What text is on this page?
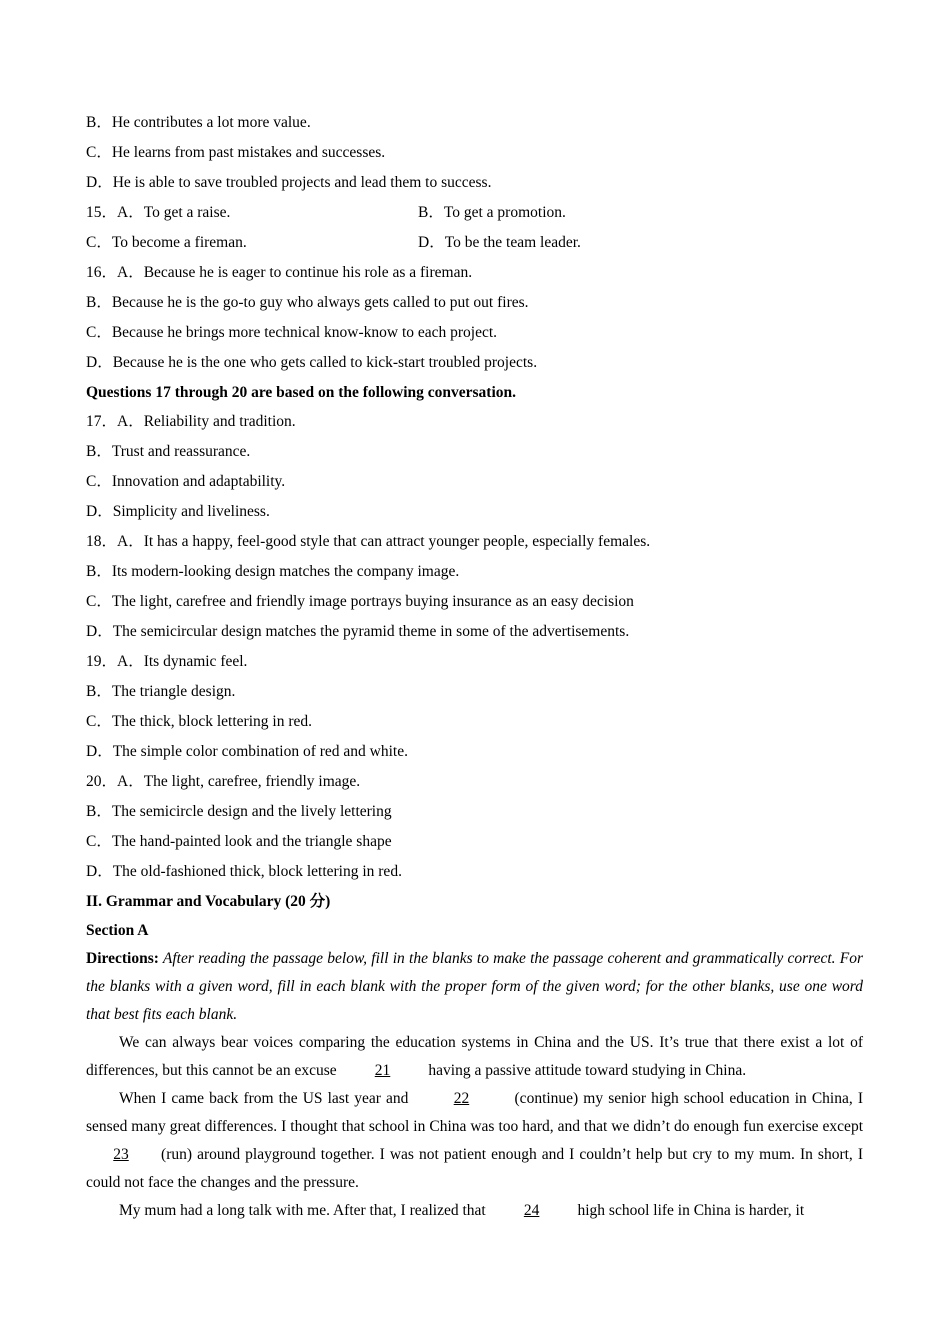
B．He contributes a lot more value.
C．He learns from past mistakes and successes.
D．He is able to save troubled projects and lead them to success.
15．A．To get a raise.	B．To get a promotion.
C．To become a fireman.	D．To be the team leader.
16．A．Because he is eager to continue his role as a fireman.
B．Because he is the go-to guy who always gets called to put out fires.
C．Because he brings more technical know-know to each project.
D．Because he is the one who gets called to kick-start troubled projects.
Questions 17 through 20 are based on the following conversation.
17．A．Reliability and tradition.
B．Trust and reassurance.
C．Innovation and adaptability.
D．Simplicity and liveliness.
18．A．It has a happy, feel-good style that can attract younger people, especially females.
B．Its modern-looking design matches the company image.
C．The light, carefree and friendly image portrays buying insurance as an easy decision
D．The semicircular design matches the pyramid theme in some of the advertisements.
19．A．Its dynamic feel.
B．The triangle design.
C．The thick, block lettering in red.
D．The simple color combination of red and white.
20．A．The light, carefree, friendly image.
B．The semicircle design and the lively lettering
C．The hand-painted look and the triangle shape
D．The old-fashioned thick, block lettering in red.
II. Grammar and Vocabulary (20 分)
Section A
Directions: After reading the passage below, fill in the blanks to make the passage coherent and grammatically correct. For the blanks with a given word, fill in each blank with the proper form of the given word; for the other blanks, use one word that best fits each blank.
We can always bear voices comparing the education systems in China and the US. It’s true that there exist a lot of differences, but this cannot be an excuse 21 having a passive attitude toward studying in China.
When I came back from the US last year and	22	(continue) my senior high school education in China, I sensed many great differences. I thought that school in China was too hard, and that we didn’t do enough fun exercise except 23 (run) around playground together. I was not patient enough and I couldn’t help but cry to my mum. In short, I could not face the changes and the pressure.
My mum had a long talk with me. After that, I realized that 24 high school life in China is harder, it
